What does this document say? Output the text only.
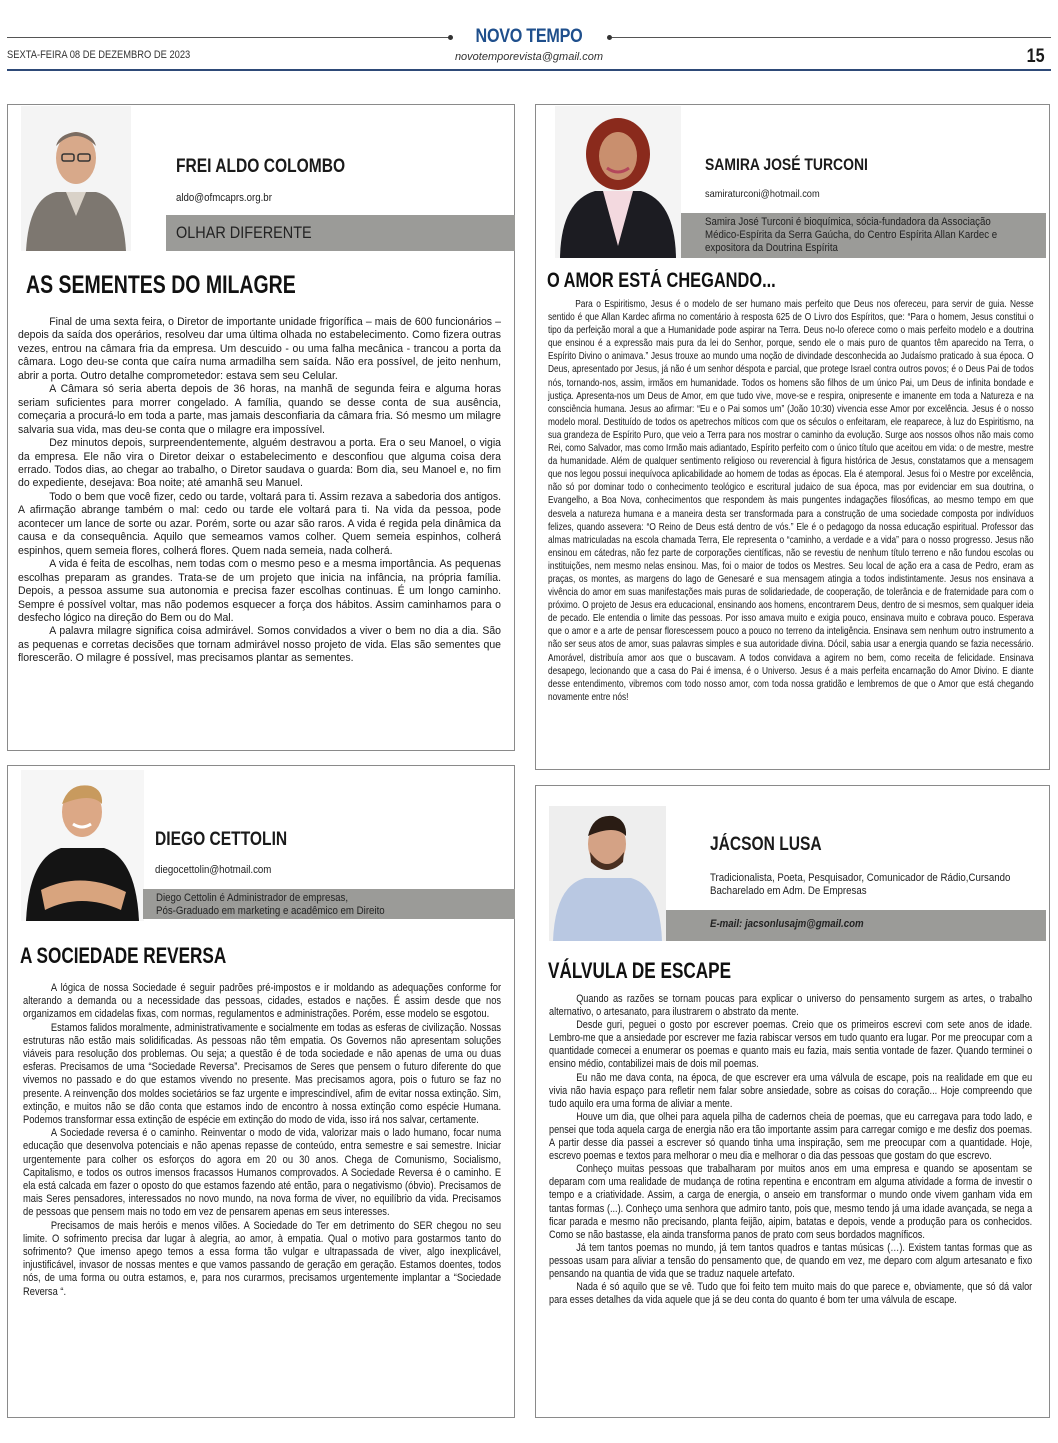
NOVO TEMPO
SEXTA-FEIRA 08 DE DEZEMBRO DE 2023	novotemporevista@gmail.com	15
FREI ALDO COLOMBO
aldo@ofmcaprs.org.br
OLHAR DIFERENTE
AS SEMENTES DO MILAGRE

Final de uma sexta feira, o Diretor de importante unidade frigorífica – mais de 600 funcionários – depois da saída dos operários, resolveu dar uma última olhada no estabelecimento. Como fizera outras vezes, entrou na câmara fria da empresa. Um descuido - ou uma falha mecânica - trancou a porta da câmara. Logo deu-se conta que caíra numa armadilha sem saída. Não era possível, de jeito nenhum, abrir a porta. Outro detalhe comprometedor: estava sem seu Celular.

A Câmara só seria aberta depois de 36 horas, na manhã de segunda feira e alguma horas seriam suficientes para morrer congelado. A família, quando se desse conta de sua ausência, começaria a procurá-lo em toda a parte, mas jamais desconfiaria da câmara fria. Só mesmo um milagre salvaria sua vida, mas deu-se conta que o milagre era impossível.

Dez minutos depois, surpreendentemente, alguém destravou a porta. Era o seu Manoel, o vigia da empresa. Ele não vira o Diretor deixar o estabelecimento e desconfiou que alguma coisa dera errado. Todos dias, ao chegar ao trabalho, o Diretor saudava o guarda: Bom dia, seu Manoel e, no fim do expediente, desejava: Boa noite; até amanhã seu Manuel.

Todo o bem que você fizer, cedo ou tarde, voltará para ti. Assim rezava a sabedoria dos antigos. A afirmação abrange também o mal: cedo ou tarde ele voltará para ti. Na vida da pessoa, pode acontecer um lance de sorte ou azar. Porém, sorte ou azar são raros. A vida é regida pela dinâmica da causa e da consequência. Aquilo que semeamos vamos colher. Quem semeia espinhos, colherá espinhos, quem semeia flores, colherá flores. Quem nada semeia, nada colherá.

A vida é feita de escolhas, nem todas com o mesmo peso e a mesma importância. As pequenas escolhas preparam as grandes. Trata-se de um projeto que inicia na infância, na própria família. Depois, a pessoa assume sua autonomia e precisa fazer escolhas continuas. É um longo caminho. Sempre é possível voltar, mas não podemos esquecer a força dos hábitos. Assim caminhamos para o desfecho lógico na direção do Bem ou do Mal.

A palavra milagre significa coisa admirável. Somos convidados a viver o bem no dia a dia. São as pequenas e corretas decisões que tornam admirável nosso projeto de vida. Elas são sementes que florescerão. O milagre é possível, mas precisamos plantar as sementes.

SAMIRA JOSÉ TURCONI
samiraturconi@hotmail.com
Samira José Turconi é bioquímica, sócia-fundadora da Associação
Médico-Espírita da Serra Gaúcha, do Centro Espírita Allan Kardec e
expositora da Doutrina Espírita
O AMOR ESTÁ CHEGANDO...

Para o Espiritismo, Jesus é o modelo de ser humano mais perfeito que Deus nos ofereceu, para servir de guia. Nesse sentido é que Allan Kardec afirma no comentário à resposta 625 de O Livro dos Espíritos, que: “Para o homem, Jesus constitui o tipo da perfeição moral a que a Humanidade pode aspirar na Terra. Deus no-lo oferece como o mais perfeito modelo e a doutrina que ensinou é a expressão mais pura da lei do Senhor, porque, sendo ele o mais puro de quantos têm aparecido na Terra, o Espírito Divino o animava.” Jesus trouxe ao mundo uma noção de divindade desconhecida ao Judaísmo praticado à sua época. O Deus, apresentado por Jesus, já não é um senhor déspota e parcial, que protege Israel contra outros povos; é o Deus Pai de todos nós, tornando-nos, assim, irmãos em humanidade. Todos os homens são filhos de um único Pai, um Deus de infinita bondade e justiça. Apresenta-nos um Deus de Amor, em que tudo vive, move-se e respira, onipresente e imanente em toda a Natureza e na consciência humana. Jesus ao afirmar: “Eu e o Pai somos um” (João 10:30) vivencia esse Amor por excelência. Jesus é o nosso modelo moral. Destituído de todos os apetrechos míticos com que os séculos o enfeitaram, ele reaparece, à luz do Espiritismo, na sua grandeza de Espírito Puro, que veio a Terra para nos mostrar o caminho da evolução. Surge aos nossos olhos não mais como Rei, como Salvador, mas como Irmão mais adiantado, Espírito perfeito com o único título que aceitou em vida: o de mestre, mestre da humanidade. Além de qualquer sentimento religioso ou reverencial à figura histórica de Jesus, constatamos que a mensagem que nos legou possui inequívoca aplicabilidade ao homem de todas as épocas. Ela é atemporal. Jesus foi o Mestre por excelência, não só por dominar todo o conhecimento teológico e escritural judaico de sua época, mas por evidenciar em sua doutrina, o Evangelho, a Boa Nova, conhecimentos que respondem às mais pungentes indagações filosóficas, ao mesmo tempo em que desvela a natureza humana e a maneira desta ser transformada para a construção de uma sociedade composta por indivíduos felizes, quando assevera: “O Reino de Deus está dentro de vós.” Ele é o pedagogo da nossa educação espiritual. Professor das almas matriculadas na escola chamada Terra, Ele representa o “caminho, a verdade e a vida” para o nosso progresso. Jesus não ensinou em cátedras, não fez parte de corporações científicas, não se revestiu de nenhum título terreno e não fundou escolas ou instituições, nem mesmo nelas ensinou. Mas, foi o maior de todos os Mestres. Seu local de ação era a casa de Pedro, eram as praças, os montes, as margens do lago de Genesaré e sua mensagem atingia a todos indistintamente. Jesus nos ensinava a vivência do amor em suas manifestações mais puras de solidariedade, de cooperação, de tolerância e de fraternidade para com o próximo. O projeto de Jesus era educacional, ensinando aos homens, encontrarem Deus, dentro de si mesmos, sem qualquer ideia de pecado. Ele entendia o limite das pessoas. Por isso amava muito e exigia pouco, ensinava muito e cobrava pouco. Esperava que o amor e a arte de pensar florescessem pouco a pouco no terreno da inteligência. Ensinava sem nenhum outro instrumento a não ser seus atos de amor, suas palavras simples e sua autoridade divina. Dócil, sabia usar a energia quando se fazia necessário. Amorável, distribuía amor aos que o buscavam. A todos convidava a agirem no bem, como receita de felicidade. Ensinava desapego, lecionando que a casa do Pai é imensa, é o Universo. Jesus é a mais perfeita encarnação do Amor Divino. E diante desse entendimento, vibremos com todo nosso amor, com toda nossa gratidão e lembremos de que o Amor que está chegando novamente entre nós!

DIEGO CETTOLIN
diegocettolin@hotmail.com
Diego Cettolin é Administrador de empresas,
Pós-Graduado em marketing e acadêmico em Direito
A SOCIEDADE REVERSA

A lógica de nossa Sociedade é seguir padrões pré-impostos e ir moldando as adequações conforme for alterando a demanda ou a necessidade das pessoas, cidades, estados e nações. É assim desde que nos organizamos em cidadelas fixas, com normas, regulamentos e administrações. Porém, esse modelo se esgotou.

Estamos falidos moralmente, administrativamente e socialmente em todas as esferas de civilização. Nossas estruturas não estão mais solidificadas. As pessoas não têm empatia. Os Governos não apresentam soluções viáveis para resolução dos problemas. Ou seja; a questão é de toda sociedade e não apenas de uma ou duas esferas. Precisamos de uma “Sociedade Reversa”. Precisamos de Seres que pensem o futuro diferente do que vivemos no passado e do que estamos vivendo no presente. Mas precisamos agora, pois o futuro se faz no presente. A reinvenção dos moldes societários se faz urgente e imprescindível, afim de evitar nossa extinção. Sim, extinção, e muitos não se dão conta que estamos indo de encontro à nossa extinção como espécie Humana. Podemos transformar essa extinção de espécie em extinção do modo de vida, isso irá nos salvar, certamente.

A Sociedade reversa é o caminho. Reinventar o modo de vida, valorizar mais o lado humano, focar numa educação que desenvolva potenciais e não apenas repasse de conteúdo, entra semestre e sai semestre. Iniciar urgentemente para colher os esforços do agora em 20 ou 30 anos. Chega de Comunismo, Socialismo, Capitalismo, e todos os outros imensos fracassos Humanos comprovados. A Sociedade Reversa é o caminho. E ela está calcada em fazer o oposto do que estamos fazendo até então, para o negativismo (óbvio). Precisamos de mais Seres pensadores, interessados no novo mundo, na nova forma de viver, no equilíbrio da vida. Precisamos de pessoas que pensem mais no todo em vez de pensarem apenas em seus interesses.

Precisamos de mais heróis e menos vilões. A Sociedade do Ter em detrimento do SER chegou no seu limite. O sofrimento precisa dar lugar à alegria, ao amor, à empatia. Qual o motivo para gostarmos tanto do sofrimento? Que imenso apego temos a essa forma tão vulgar e ultrapassada de viver, algo inexplicável, injustificável, invasor de nossas mentes e que vamos passando de geração em geração. Estamos doentes, todos nós, de uma forma ou outra estamos, e, para nos curarmos, precisamos urgentemente implantar a “Sociedade Reversa “.

JÁCSON LUSA
Tradicionalista, Poeta, Pesquisador, Comunicador de Rádio,Cursando
Bacharelado em Adm. De Empresas
E-mail: jacsonlusajm@gmail.com
VÁLVULA DE ESCAPE

Quando as razões se tornam poucas para explicar o universo do pensamento surgem as artes, o trabalho alternativo, o artesanato, para ilustrarem o abstrato da mente.

Desde guri, peguei o gosto por escrever poemas. Creio que os primeiros escrevi com sete anos de idade. Lembro-me que a ansiedade por escrever me fazia rabiscar versos em tudo quanto era lugar. Por me preocupar com a quantidade comecei a enumerar os poemas e quanto mais eu fazia, mais sentia vontade de fazer. Quando terminei o ensino médio, contabilizei mais de dois mil poemas.

Eu não me dava conta, na época, de que escrever era uma válvula de escape, pois na realidade em que eu vivia não havia espaço para refletir nem falar sobre ansiedade, sobre as coisas do coração... Hoje compreendo que tudo aquilo era uma forma de aliviar a mente.

Houve um dia, que olhei para aquela pilha de cadernos cheia de poemas, que eu carregava para todo lado, e pensei que toda aquela carga de energia não era tão importante assim para carregar comigo e me desfiz dos poemas. A partir desse dia passei a escrever só quando tinha uma inspiração, sem me preocupar com a quantidade. Hoje, escrevo poemas e textos para melhorar o meu dia e melhorar o dia das pessoas que gostam do que escrevo.

Conheço muitas pessoas que trabalharam por muitos anos em uma empresa e quando se aposentam se deparam com uma realidade de mudança de rotina repentina e encontram em alguma atividade a forma de investir o tempo e a criatividade. Assim, a carga de energia, o anseio em transformar o mundo onde vivem ganham vida em tantas formas (...). Conheço uma senhora que admiro tanto, pois que, mesmo tendo já uma idade avançada, se nega a ficar parada e mesmo não precisando, planta feijão, aipim, batatas e depois, vende a produção para os conhecidos. Como se não bastasse, ela ainda transforma panos de prato com seus bordados magníficos.

Já tem tantos poemas no mundo, já tem tantos quadros e tantas músicas (…). Existem tantas formas que as pessoas usam para aliviar a tensão do pensamento que, de quando em vez, me deparo com algum artesanato e fixo pensando na quantia de vida que se traduz naquele artefato.

Nada é só aquilo que se vê. Tudo que foi feito tem muito mais do que parece e, obviamente, que só dá valor para esses detalhes da vida aquele que já se deu conta do quanto é bom ter uma válvula de escape.
